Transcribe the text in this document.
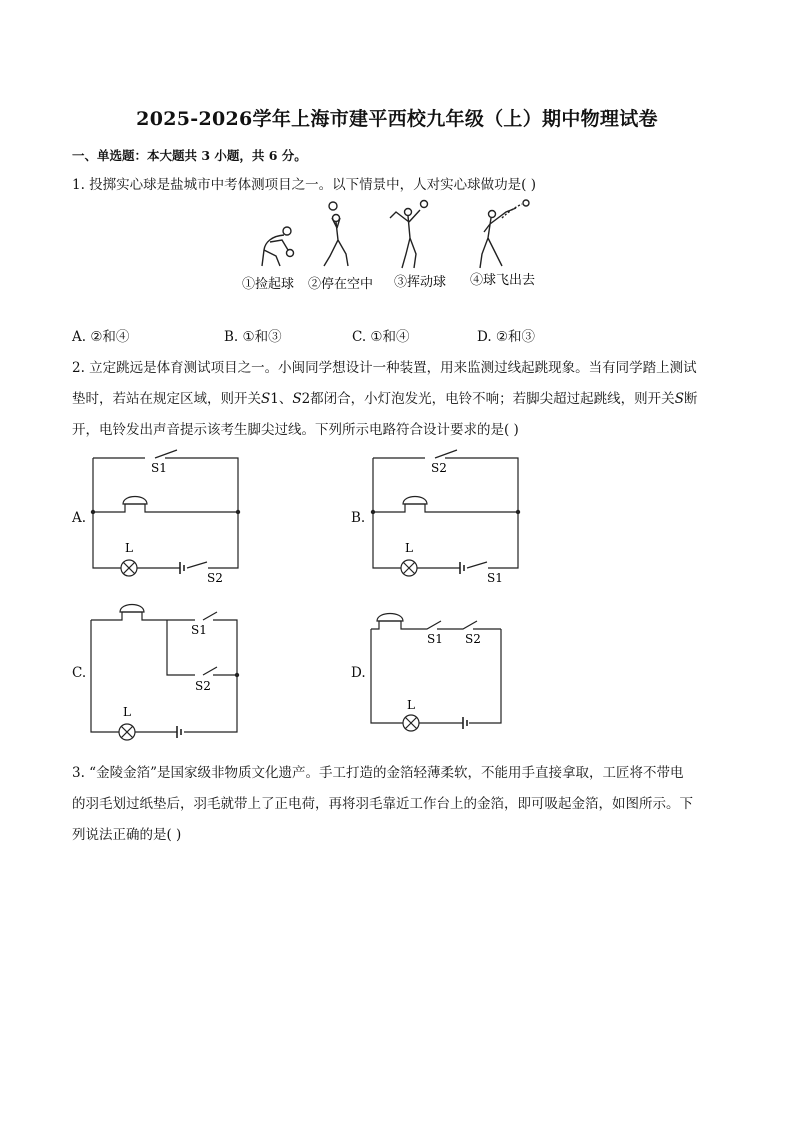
2025-2026学年上海市建平西校九年级（上）期中物理试卷
一、单选题：本大题共 3 小题，共 6 分。
1. 投掷实心球是盐城市中考体测项目之一。以下情景中，人对实心球做功是( )
①捡起球 ②停在空中 ③挥动球 ④球飞出去
A. ②和④	B. ①和③	C. ①和④	D. ②和③
2. 立定跳远是体育测试项目之一。小闽同学想设计一种装置，用来监测过线起跳现象。当有同学踏上测试
垫时，若站在规定区域，则开关S1、S2都闭合，小灯泡发光，电铃不响；若脚尖超过起跳线，则开关S断
开，电铃发出声音提示该考生脚尖过线。下列所示电路符合设计要求的是( )
A.	B.
C.	D.
S1
L
S2
S2
L
S1
S1
S2
L
S1 S2
L
3. “金陵金箔”是国家级非物质文化遗产。手工打造的金箔轻薄柔软，不能用手直接拿取，工匠将不带电
的羽毛划过纸垫后，羽毛就带上了正电荷，再将羽毛靠近工作台上的金箔，即可吸起金箔，如图所示。下
列说法正确的是( )
